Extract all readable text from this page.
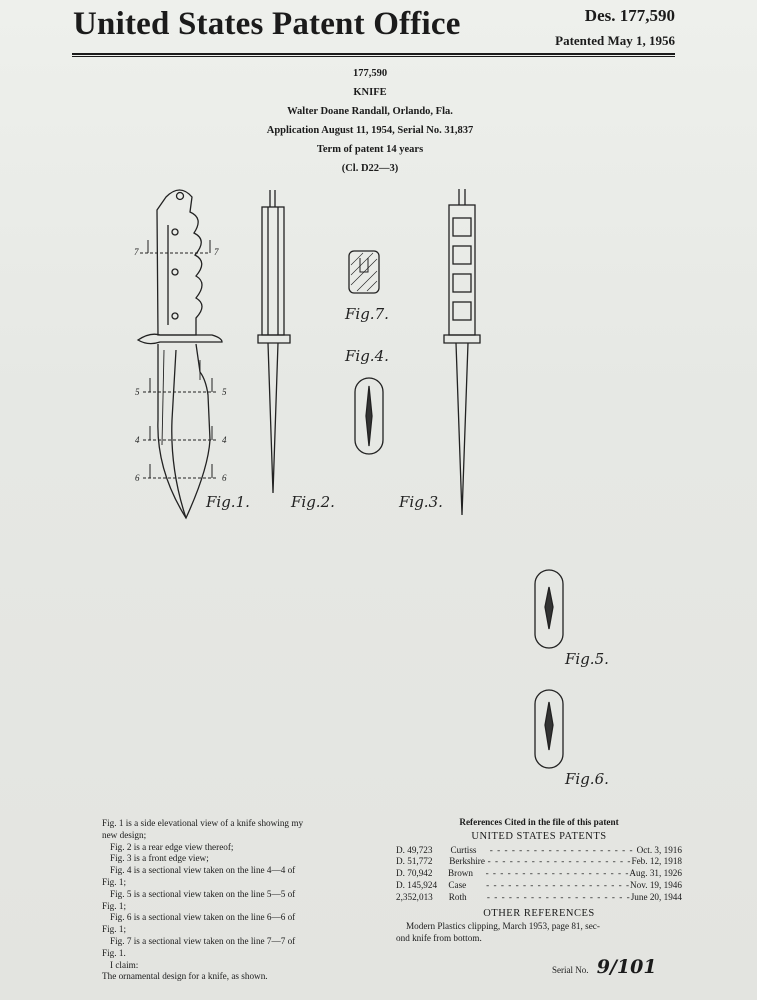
United States Patent Office	Des. 177,590
Patented May 1, 1956
177,590
KNIFE
Walter Doane Randall, Orlando, Fla.
Application August 11, 1954, Serial No. 31,837
Term of patent 14 years
(Cl. D22—3)
7	7
5	5
4	4
6	6
Fig.1.	Fig.2.	Fig.3.
Fig.7.
Fig.4.
Fig.5.
Fig.6.

Fig. 1 is a side elevational view of a knife showing my

new design;

Fig. 2 is a rear edge view thereof;

Fig. 3 is a front edge view;

Fig. 4 is a sectional view taken on the line 4—4 of

Fig. 1;

Fig. 5 is a sectional view taken on the line 5—5 of

Fig. 1;

Fig. 6 is a sectional view taken on the line 6—6 of

Fig. 1;

Fig. 7 is a sectional view taken on the line 7—7 of

Fig. 1.

I claim:

The ornamental design for a knife, as shown.

References Cited in the file of this patent
UNITED STATES PATENTS
D. 49,723	Curtiss	- - - - - - - - - - - - - - - - - - - - Oct. 3, 1916
D. 51,772	Berkshire - - - - - - - - - - - - - - - - - - - - Feb. 12, 1918
D. 70,942	Brown	- - - - - - - - - - - - - - - - - - - - Aug. 31, 1926
D. 145,924	Case	- - - - - - - - - - - - - - - - - - - - Nov. 19, 1946
2,352,013	Roth	- - - - - - - - - - - - - - - - - - - - June 20, 1944
OTHER REFERENCES
Modern Plastics clipping, March 1953, page 81, sec-
ond knife from bottom.
Serial No. 9/101
